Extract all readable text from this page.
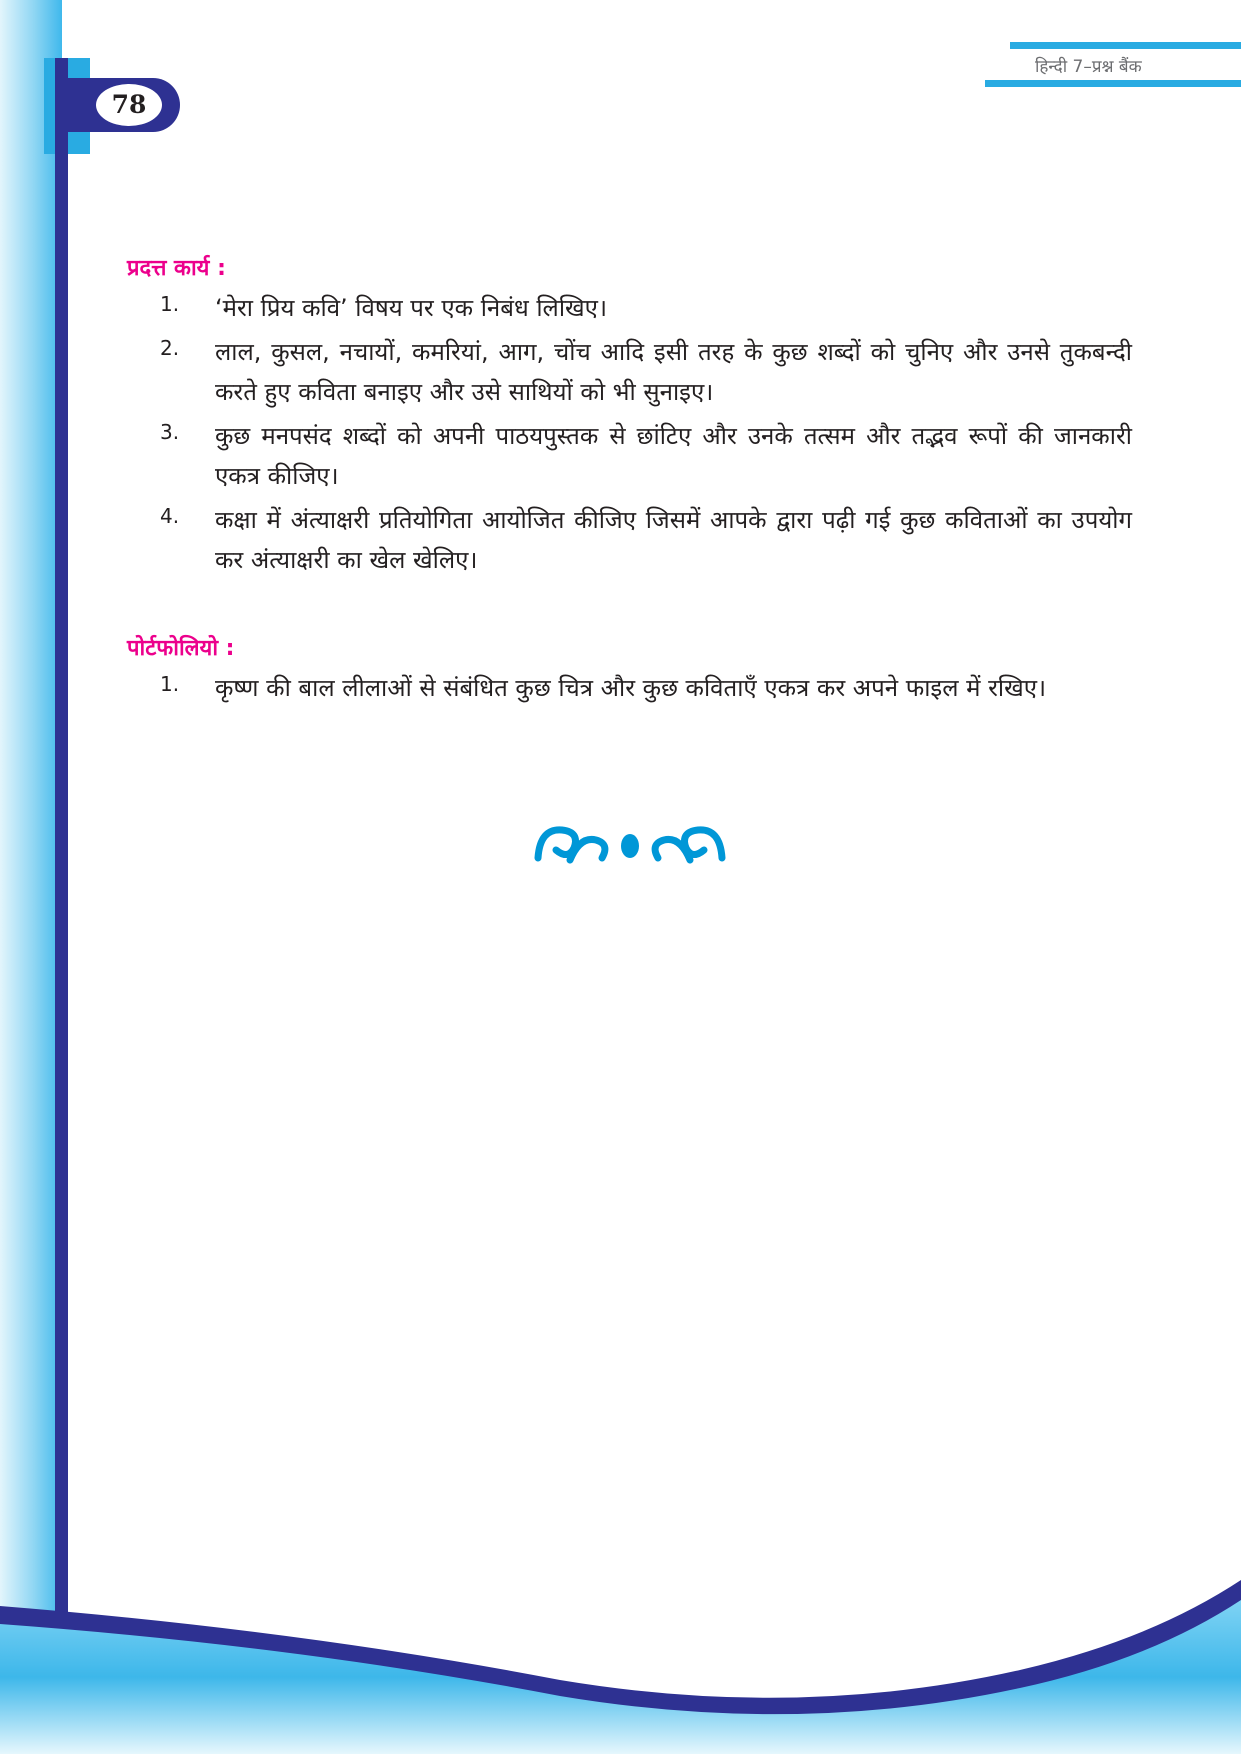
78
हिन्दी 7–प्रश्न बैंक
प्रदत्त कार्य :
1. ‘मेरा प्रिय कवि’ विषय पर एक निबंध लिखिए।
2. लाल, कुसल, नचायों, कमरियां, आग, चोंच आदि इसी तरह के कुछ शब्दों को चुनिए और उनसे तुकबन्दी करते हुए कविता बनाइए और उसे साथियों को भी सुनाइए।
3. कुछ मनपसंद शब्दों को अपनी पाठयपुस्तक से छांटिए और उनके तत्सम और तद्भव रूपों की जानकारी एकत्र कीजिए।
4. कक्षा में अंत्याक्षरी प्रतियोगिता आयोजित कीजिए जिसमें आपके द्वारा पढ़ी गई कुछ कविताओं का उपयोग कर अंत्याक्षरी का खेल खेलिए।
पोर्टफोलियो :
1. कृष्ण की बाल लीलाओं से संबंधित कुछ चित्र और कुछ कविताएँ एकत्र कर अपने फाइल में रखिए।
